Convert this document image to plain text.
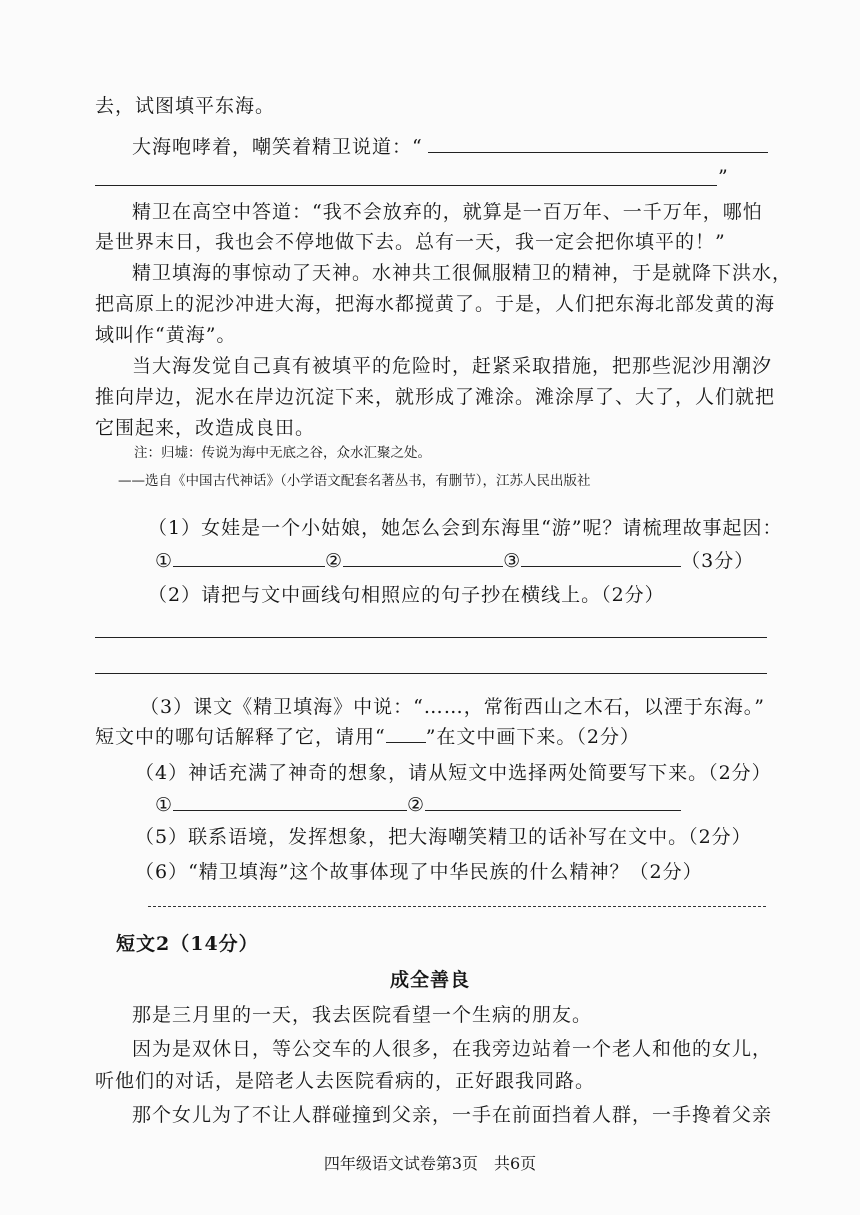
去，试图填平东海。
大海咆哮着，嘲笑着精卫说道：“
”
精卫在高空中答道：“我不会放弃的，就算是一百万年、一千万年，哪怕
是世界末日，我也会不停地做下去。总有一天，我一定会把你填平的！”
精卫填海的事惊动了天神。水神共工很佩服精卫的精神，于是就降下洪水，
把高原上的泥沙冲进大海，把海水都搅黄了。于是，人们把东海北部发黄的海
域叫作“黄海”。
当大海发觉自己真有被填平的危险时，赶紧采取措施，把那些泥沙用潮汐
推向岸边，泥水在岸边沉淀下来，就形成了滩涂。滩涂厚了、大了，人们就把
它围起来，改造成良田。
注：归墟：传说为海中无底之谷，众水汇聚之处。
——选自《中国古代神话》（小学语文配套名著丛书，有删节），江苏人民出版社
（1）女娃是一个小姑娘，她怎么会到东海里“游”呢？请梳理故事起因：
①	②	③	（3分）
（2）请把与文中画线句相照应的句子抄在横线上。（2分）
（3）课文《精卫填海》中说：“……，常衔西山之木石，以湮于东海。”
短文中的哪句话解释了它，请用“ ”在文中画下来。（2分）
（4）神话充满了神奇的想象，请从短文中选择两处简要写下来。（2分）
①	②
（5）联系语境，发挥想象，把大海嘲笑精卫的话补写在文中。（2分）
（6）“精卫填海”这个故事体现了中华民族的什么精神？（2分）
短文2（14分）
成全善良
那是三月里的一天，我去医院看望一个生病的朋友。
因为是双休日，等公交车的人很多，在我旁边站着一个老人和他的女儿，
听他们的对话，是陪老人去医院看病的，正好跟我同路。
那个女儿为了不让人群碰撞到父亲，一手在前面挡着人群，一手搀着父亲
四年级语文试卷第3页　共6页
